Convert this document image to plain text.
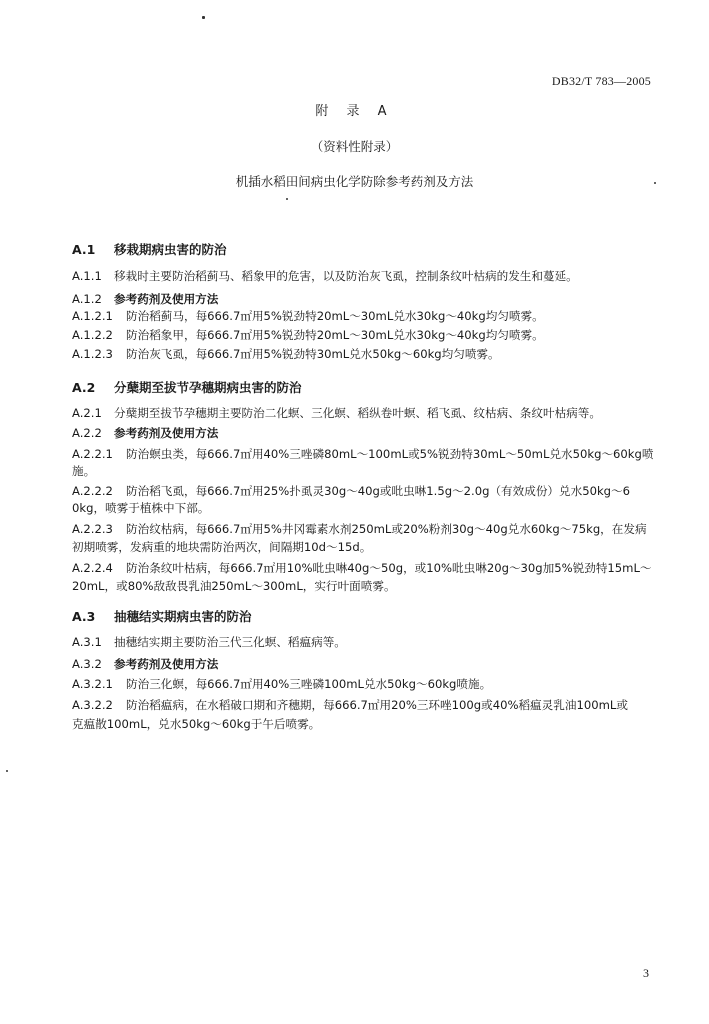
DB32/T 783—2005
附 录 A
（资料性附录）
机插水稻田间病虫化学防除参考药剂及方法
A.1 移栽期病虫害的防治
A.1.1 移栽时主要防治稻蓟马、稻象甲的危害，以及防治灰飞虱，控制条纹叶枯病的发生和蔓延。
A.1.2 参考药剂及使用方法
A.1.2.1 防治稻蓟马，每666.7㎡用5%锐劲特20mL～30mL兑水30kg～40kg均匀喷雾。
A.1.2.2 防治稻象甲，每666.7㎡用5%锐劲特20mL～30mL兑水30kg～40kg均匀喷雾。
A.1.2.3 防治灰飞虱，每666.7㎡用5%锐劲特30mL兑水50kg～60kg均匀喷雾。
A.2 分蘖期至拔节孕穗期病虫害的防治
A.2.1 分蘖期至拔节孕穗期主要防治二化螟、三化螟、稻纵卷叶螟、稻飞虱、纹枯病、条纹叶枯病等。
A.2.2 参考药剂及使用方法
A.2.2.1 防治螟虫类，每666.7㎡用40%三唑磷80mL～100mL或5%锐劲特30mL～50mL兑水50kg～60kg喷
施。
A.2.2.2 防治稻飞虱，每666.7㎡用25%扑虱灵30g～40g或吡虫啉1.5g～2.0g（有效成份）兑水50kg～6
0kg，喷雾于植株中下部。
A.2.2.3 防治纹枯病，每666.7㎡用5%井冈霉素水剂250mL或20%粉剂30g～40g兑水60kg～75kg，在发病
初期喷雾，发病重的地块需防治两次，间隔期10d～15d。
A.2.2.4 防治条纹叶枯病，每666.7㎡用10%吡虫啉40g～50g，或10%吡虫啉20g～30g加5%锐劲特15mL～
20mL，或80%敌敌畏乳油250mL～300mL，实行叶面喷雾。
A.3 抽穗结实期病虫害的防治
A.3.1 抽穗结实期主要防治三代三化螟、稻瘟病等。
A.3.2 参考药剂及使用方法
A.3.2.1 防治三化螟，每666.7㎡用40%三唑磷100mL兑水50kg～60kg喷施。
A.3.2.2 防治稻瘟病，在水稻破口期和齐穗期，每666.7㎡用20%三环唑100g或40%稻瘟灵乳油100mL或
克瘟散100mL，兑水50kg～60kg于午后喷雾。
3
